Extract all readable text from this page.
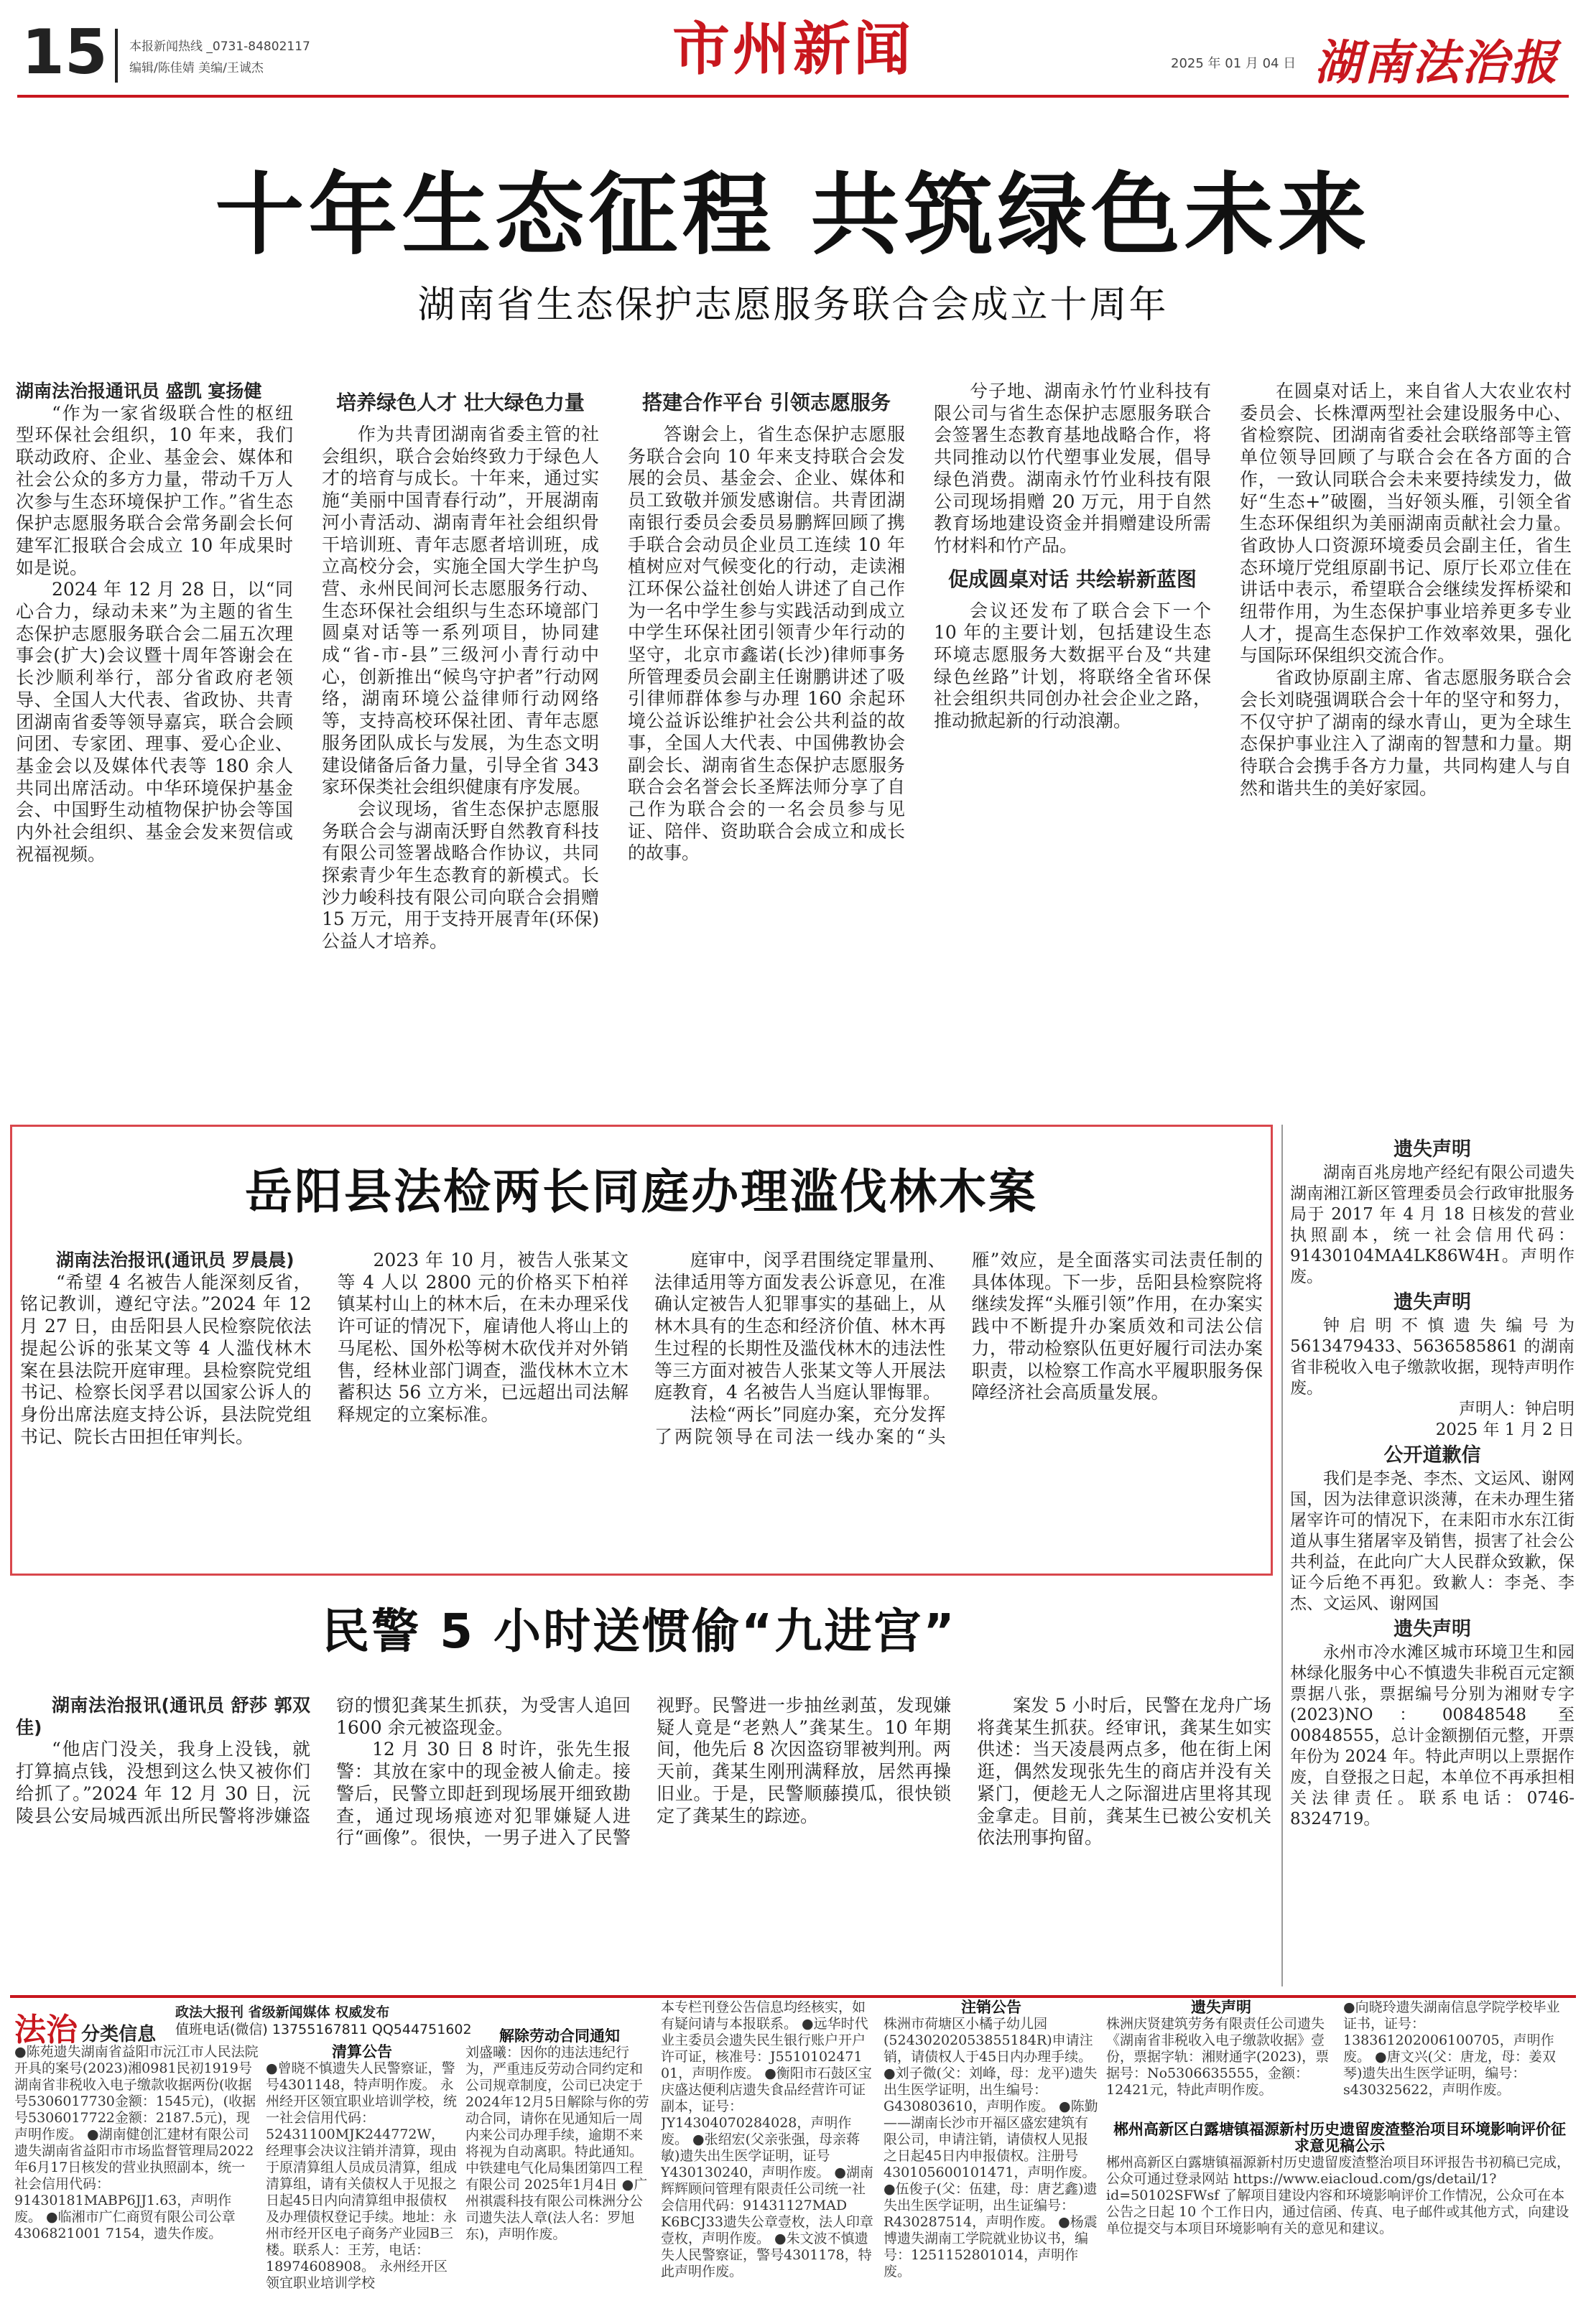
15 本报新闻热线 _0731-84802117
编辑/陈佳婧 美编/王诚杰	市州新闻	2025 年 01 月 04 日 湖南法治报
十年生态征程 共筑绿色未来
湖南省生态保护志愿服务联合会成立十周年

湖南法治报通讯员 盛凯 宴扬健

“作为一家省级联合性的枢纽型环保社会组织，10 年来，我们联动政府、企业、基金会、媒体和社会公众的多方力量，带动千万人次参与生态环境保护工作。”省生态保护志愿服务联合会常务副会长何建军汇报联合会成立 10 年成果时如是说。

2024 年 12 月 28 日，以“同心合力，绿动未来”为主题的省生态保护志愿服务联合会二届五次理事会(扩大)会议暨十周年答谢会在长沙顺利举行，部分省政府老领导、全国人大代表、省政协、共青团湖南省委等领导嘉宾，联合会顾问团、专家团、理事、爱心企业、基金会以及媒体代表等 180 余人共同出席活动。中华环境保护基金会、中国野生动植物保护协会等国内外社会组织、基金会发来贺信或祝福视频。

培养绿色人才 壮大绿色力量

作为共青团湖南省委主管的社会组织，联合会始终致力于绿色人才的培育与成长。十年来，通过实施“美丽中国青春行动”，开展湖南河小青活动、湖南青年社会组织骨干培训班、青年志愿者培训班，成立高校分会，实施全国大学生护鸟营、永州民间河长志愿服务行动、生态环保社会组织与生态环境部门圆桌对话等一系列项目，协同建成“省-市-县”三级河小青行动中心，创新推出“候鸟守护者”行动网络，湖南环境公益律师行动网络等，支持高校环保社团、青年志愿服务团队成长与发展，为生态文明建设储备后备力量，引导全省 343 家环保类社会组织健康有序发展。

会议现场，省生态保护志愿服务联合会与湖南沃野自然教育科技有限公司签署战略合作协议，共同探索青少年生态教育的新模式。长沙力峻科技有限公司向联合会捐赠 15 万元，用于支持开展青年(环保)公益人才培养。

搭建合作平台 引领志愿服务

答谢会上，省生态保护志愿服务联合会向 10 年来支持联合会发展的会员、基金会、企业、媒体和员工致敬并颁发感谢信。共青团湖南银行委员会委员易鹏辉回顾了携手联合会动员企业员工连续 10 年植树应对气候变化的行动，走读湘江环保公益社创始人讲述了自己作为一名中学生参与实践活动到成立中学生环保社团引领青少年行动的坚守，北京市鑫诺(长沙)律师事务所管理委员会副主任谢鹏讲述了吸引律师群体参与办理 160 余起环境公益诉讼维护社会公共利益的故事，全国人大代表、中国佛教协会副会长、湖南省生态保护志愿服务联合会名誉会长圣辉法师分享了自己作为联合会的一名会员参与见证、陪伴、资助联合会成立和成长的故事。

兮子地、湖南永竹竹业科技有限公司与省生态保护志愿服务联合会签署生态教育基地战略合作，将共同推动以竹代塑事业发展，倡导绿色消费。湖南永竹竹业科技有限公司现场捐赠 20 万元，用于自然教育场地建设资金并捐赠建设所需竹材料和竹产品。

促成圆桌对话 共绘崭新蓝图

会议还发布了联合会下一个 10 年的主要计划，包括建设生态环境志愿服务大数据平台及“共建绿色丝路”计划，将联络全省环保社会组织共同创办社会企业之路，推动掀起新的行动浪潮。

在圆桌对话上，来自省人大农业农村委员会、长株潭两型社会建设服务中心、省检察院、团湖南省委社会联络部等主管单位领导回顾了与联合会在各方面的合作，一致认同联合会未来要持续发力，做好“生态+”破圈，当好领头雁，引领全省生态环保组织为美丽湖南贡献社会力量。省政协人口资源环境委员会副主任，省生态环境厅党组原副书记、原厅长邓立佳在讲话中表示，希望联合会继续发挥桥梁和纽带作用，为生态保护事业培养更多专业人才，提高生态保护工作效率效果，强化与国际环保组织交流合作。

省政协原副主席、省志愿服务联合会会长刘晓强调联合会十年的坚守和努力，不仅守护了湖南的绿水青山，更为全球生态保护事业注入了湖南的智慧和力量。期待联合会携手各方力量，共同构建人与自然和谐共生的美好家园。

岳阳县法检两长同庭办理滥伐林木案

湖南法治报讯(通讯员 罗晨晨)

“希望 4 名被告人能深刻反省，铭记教训，遵纪守法。”2024 年 12 月 27 日，由岳阳县人民检察院依法提起公诉的张某文等 4 人滥伐林木案在县法院开庭审理。县检察院党组书记、检察长闵孚君以国家公诉人的身份出席法庭支持公诉，县法院党组书记、院长古田担任审判长。

2023 年 10 月，被告人张某文等 4 人以 2800 元的价格买下柏祥镇某村山上的林木后，在未办理采伐许可证的情况下，雇请他人将山上的马尾松、国外松等树木砍伐并对外销售，经林业部门调查，滥伐林木立木蓄积达 56 立方米，已远超出司法解释规定的立案标准。

庭审中，闵孚君围绕定罪量刑、法律适用等方面发表公诉意见，在准确认定被告人犯罪事实的基础上，从林木具有的生态和经济价值、林木再生过程的长期性及滥伐林木的违法性等三方面对被告人张某文等人开展法庭教育，4 名被告人当庭认罪悔罪。

法检“两长”同庭办案，充分发挥了两院领导在司法一线办案的“头雁”效应，是全面落实司法责任制的具体体现。下一步，岳阳县检察院将继续发挥“头雁引领”作用，在办案实践中不断提升办案质效和司法公信力，带动检察队伍更好履行司法办案职责，以检察工作高水平履职服务保障经济社会高质量发展。

民警 5 小时送惯偷“九进宫”

湖南法治报讯(通讯员 舒莎 郭双佳)

“他店门没关，我身上没钱，就打算搞点钱，没想到这么快又被你们给抓了。”2024 年 12 月 30 日，沅陵县公安局城西派出所民警将涉嫌盗窃的惯犯龚某生抓获，为受害人追回 1600 余元被盗现金。

12 月 30 日 8 时许，张先生报警：其放在家中的现金被人偷走。接警后，民警立即赶到现场展开细致勘查，通过现场痕迹对犯罪嫌疑人进行“画像”。很快，一男子进入了民警视野。民警进一步抽丝剥茧，发现嫌疑人竟是“老熟人”龚某生。10 年期间，他先后 8 次因盗窃罪被判刑。两天前，龚某生刚刑满释放，居然再操旧业。于是，民警顺藤摸瓜，很快锁定了龚某生的踪迹。

案发 5 小时后，民警在龙舟广场将龚某生抓获。经审讯，龚某生如实供述：当天凌晨两点多，他在街上闲逛，偶然发现张先生的商店并没有关紧门，便趁无人之际溜进店里将其现金拿走。目前，龚某生已被公安机关依法刑事拘留。

遗失声明

湖南百兆房地产经纪有限公司遗失湖南湘江新区管理委员会行政审批服务局于 2017 年 4 月 18 日核发的营业执照副本，统一社会信用代码：91430104MA4LK86W4H。声明作废。

遗失声明

钟启明不慎遗失编号为 5613479433、5636585861 的湖南省非税收入电子缴款收据，现特声明作废。

声明人：钟启明

2025 年 1 月 2 日

公开道歉信

我们是李尧、李杰、文运风、谢网国，因为法律意识淡薄，在未办理生猪屠宰许可的情况下，在耒阳市水东江街道从事生猪屠宰及销售，损害了社会公共利益，在此向广大人民群众致歉，保证今后绝不再犯。致歉人：李尧、李杰、文运风、谢网国

遗失声明

永州市冷水滩区城市环境卫生和园林绿化服务中心不慎遗失非税百元定额票据八张，票据编号分别为湘财专字(2023)NO：00848548 至 00848555，总计金额捌佰元整，开票年份为 2024 年。特此声明以上票据作废，自登报之日起，本单位不再承担相关法律责任。联系电话：0746-8324719。

法治 分类信息
政法大报刊 省级新闻媒体 权威发布
值班电话(微信) 13755167811 QQ544751602
●陈苑遗失湖南省益阳市沅江市人民法院开具的案号(2023)湘0981民初1919号湖南省非税收入电子缴款收据两份(收据号5306017730金额：1545元)，(收据号5306017722金额：2187.5元)，现声明作废。 ●湖南健创汇建材有限公司遗失湖南省益阳市市场监督管理局2022年6月17日核发的营业执照副本，统一社会信用代码：91430181MABP6JJ1.63，声明作废。 ●临湘市广仁商贸有限公司公章4306821001 7154，遗失作废。
清算公告
●曾晓不慎遗失人民警察证，警号4301148，特声明作废。 永州经开区领宜职业培训学校，统一社会信用代码：52431100MJK244772W，经理事会决议注销并清算，现由于原清算组人员成员清算，组成清算组，请有关债权人于见报之日起45日内向清算组申报债权及办理债权登记手续。地址：永州市经开区电子商务产业园B三楼。联系人：王芳，电话：18974608908。 永州经开区领宜职业培训学校
解除劳动合同通知
刘盛曦：因你的违法违纪行为，严重违反劳动合同约定和公司规章制度，公司已决定于2024年12月5日解除与你的劳动合同，请你在见通知后一周内来公司办理手续，逾期不来将视为自动离职。特此通知。中铁建电气化局集团第四工程有限公司 2025年1月4日 ●广州祺震科技有限公司株洲分公司遗失法人章(法人名：罗旭东)，声明作废。
本专栏刊登公告信息均经核实，如有疑问请与本报联系。 ●远华时代业主委员会遗失民生银行账户开户许可证，核准号：J5510102471 01，声明作废。 ●衡阳市石鼓区宝庆盛达便利店遗失食品经营许可证副本，证号：JY14304070284028，声明作废。 ●张绍宏(父亲张强，母亲蒋敏)遗失出生医学证明，证号Y430130240，声明作废。 ●湖南辉辉顾问管理有限责任公司统一社会信用代码：91431127MAD K6BCJ33遗失公章壹枚，法人印章壹枚，声明作废。 ●朱文波不慎遗失人民警察证，警号4301178，特此声明作废。
注销公告
株洲市荷塘区小橘子幼儿园(52430202053855184R)申请注销，请债权人于45日内办理手续。 ●刘子微(父：刘峰，母：龙平)遗失出生医学证明，出生编号：G430803610，声明作废。 ●陈勤——湖南长沙市开福区盛宏建筑有限公司，申请注销，请债权人见报之日起45日内申报债权。注册号430105600101471，声明作废。 ●伍俊子(父：伍建，母：唐艺鑫)遗失出生医学证明，出生证编号：R430287514，声明作废。 ●杨震博遗失湖南工学院就业协议书，编号：1251152801014，声明作废。
遗失声明
株洲庆贤建筑劳务有限责任公司遗失《湖南省非税收入电子缴款收据》壹份，票据字轨：湘财通字(2023)，票据号：No5306635555，金额：12421元，特此声明作废。
●向晓玲遗失湖南信息学院学校毕业证书，证号：138361202006100705，声明作废。 ●唐文兴(父：唐龙，母：姜双琴)遗失出生医学证明，编号：s430325622，声明作废。
郴州高新区白露塘镇福源新村历史遗留废渣整治项目环境影响评价征求意见稿公示
郴州高新区白露塘镇福源新村历史遗留废渣整治项目环评报告书初稿已完成，公众可通过登录网站 https://www.eiacloud.com/gs/detail/1?id=50102SFWsf 了解项目建设内容和环境影响评价工作情况，公众可在本公告之日起 10 个工作日内，通过信函、传真、电子邮件或其他方式，向建设单位提交与本项目环境影响有关的意见和建议。
